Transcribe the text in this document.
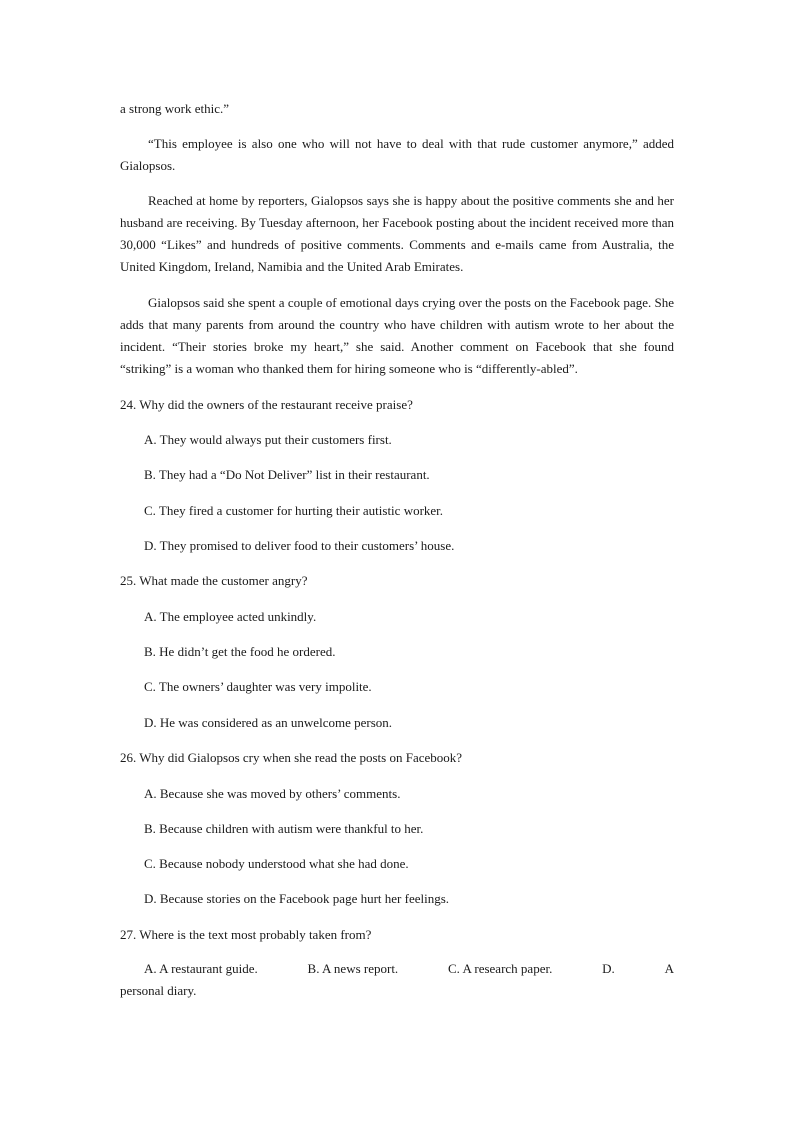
a strong work ethic.”
“This employee is also one who will not have to deal with that rude customer anymore,” added Gialopsos.
Reached at home by reporters, Gialopsos says she is happy about the positive comments she and her husband are receiving. By Tuesday afternoon, her Facebook posting about the incident received more than 30,000 “Likes” and hundreds of positive comments. Comments and e-mails came from Australia, the United Kingdom, Ireland, Namibia and the United Arab Emirates.
Gialopsos said she spent a couple of emotional days crying over the posts on the Facebook page. She adds that many parents from around the country who have children with autism wrote to her about the incident. “Their stories broke my heart,” she said. Another comment on Facebook that she found “striking” is a woman who thanked them for hiring someone who is “differently-abled”.
24. Why did the owners of the restaurant receive praise?
A. They would always put their customers first.
B. They had a “Do Not Deliver” list in their restaurant.
C. They fired a customer for hurting their autistic worker.
D. They promised to deliver food to their customers’ house.
25. What made the customer angry?
A. The employee acted unkindly.
B. He didn’t get the food he ordered.
C. The owners’ daughter was very impolite.
D. He was considered as an unwelcome person.
26. Why did Gialopsos cry when she read the posts on Facebook?
A. Because she was moved by others’ comments.
B. Because children with autism were thankful to her.
C. Because nobody understood what she had done.
D. Because stories on the Facebook page hurt her feelings.
27. Where is the text most probably taken from?
A. A restaurant guide.	B. A news report.	C. A research paper.	D.	A
personal diary.
